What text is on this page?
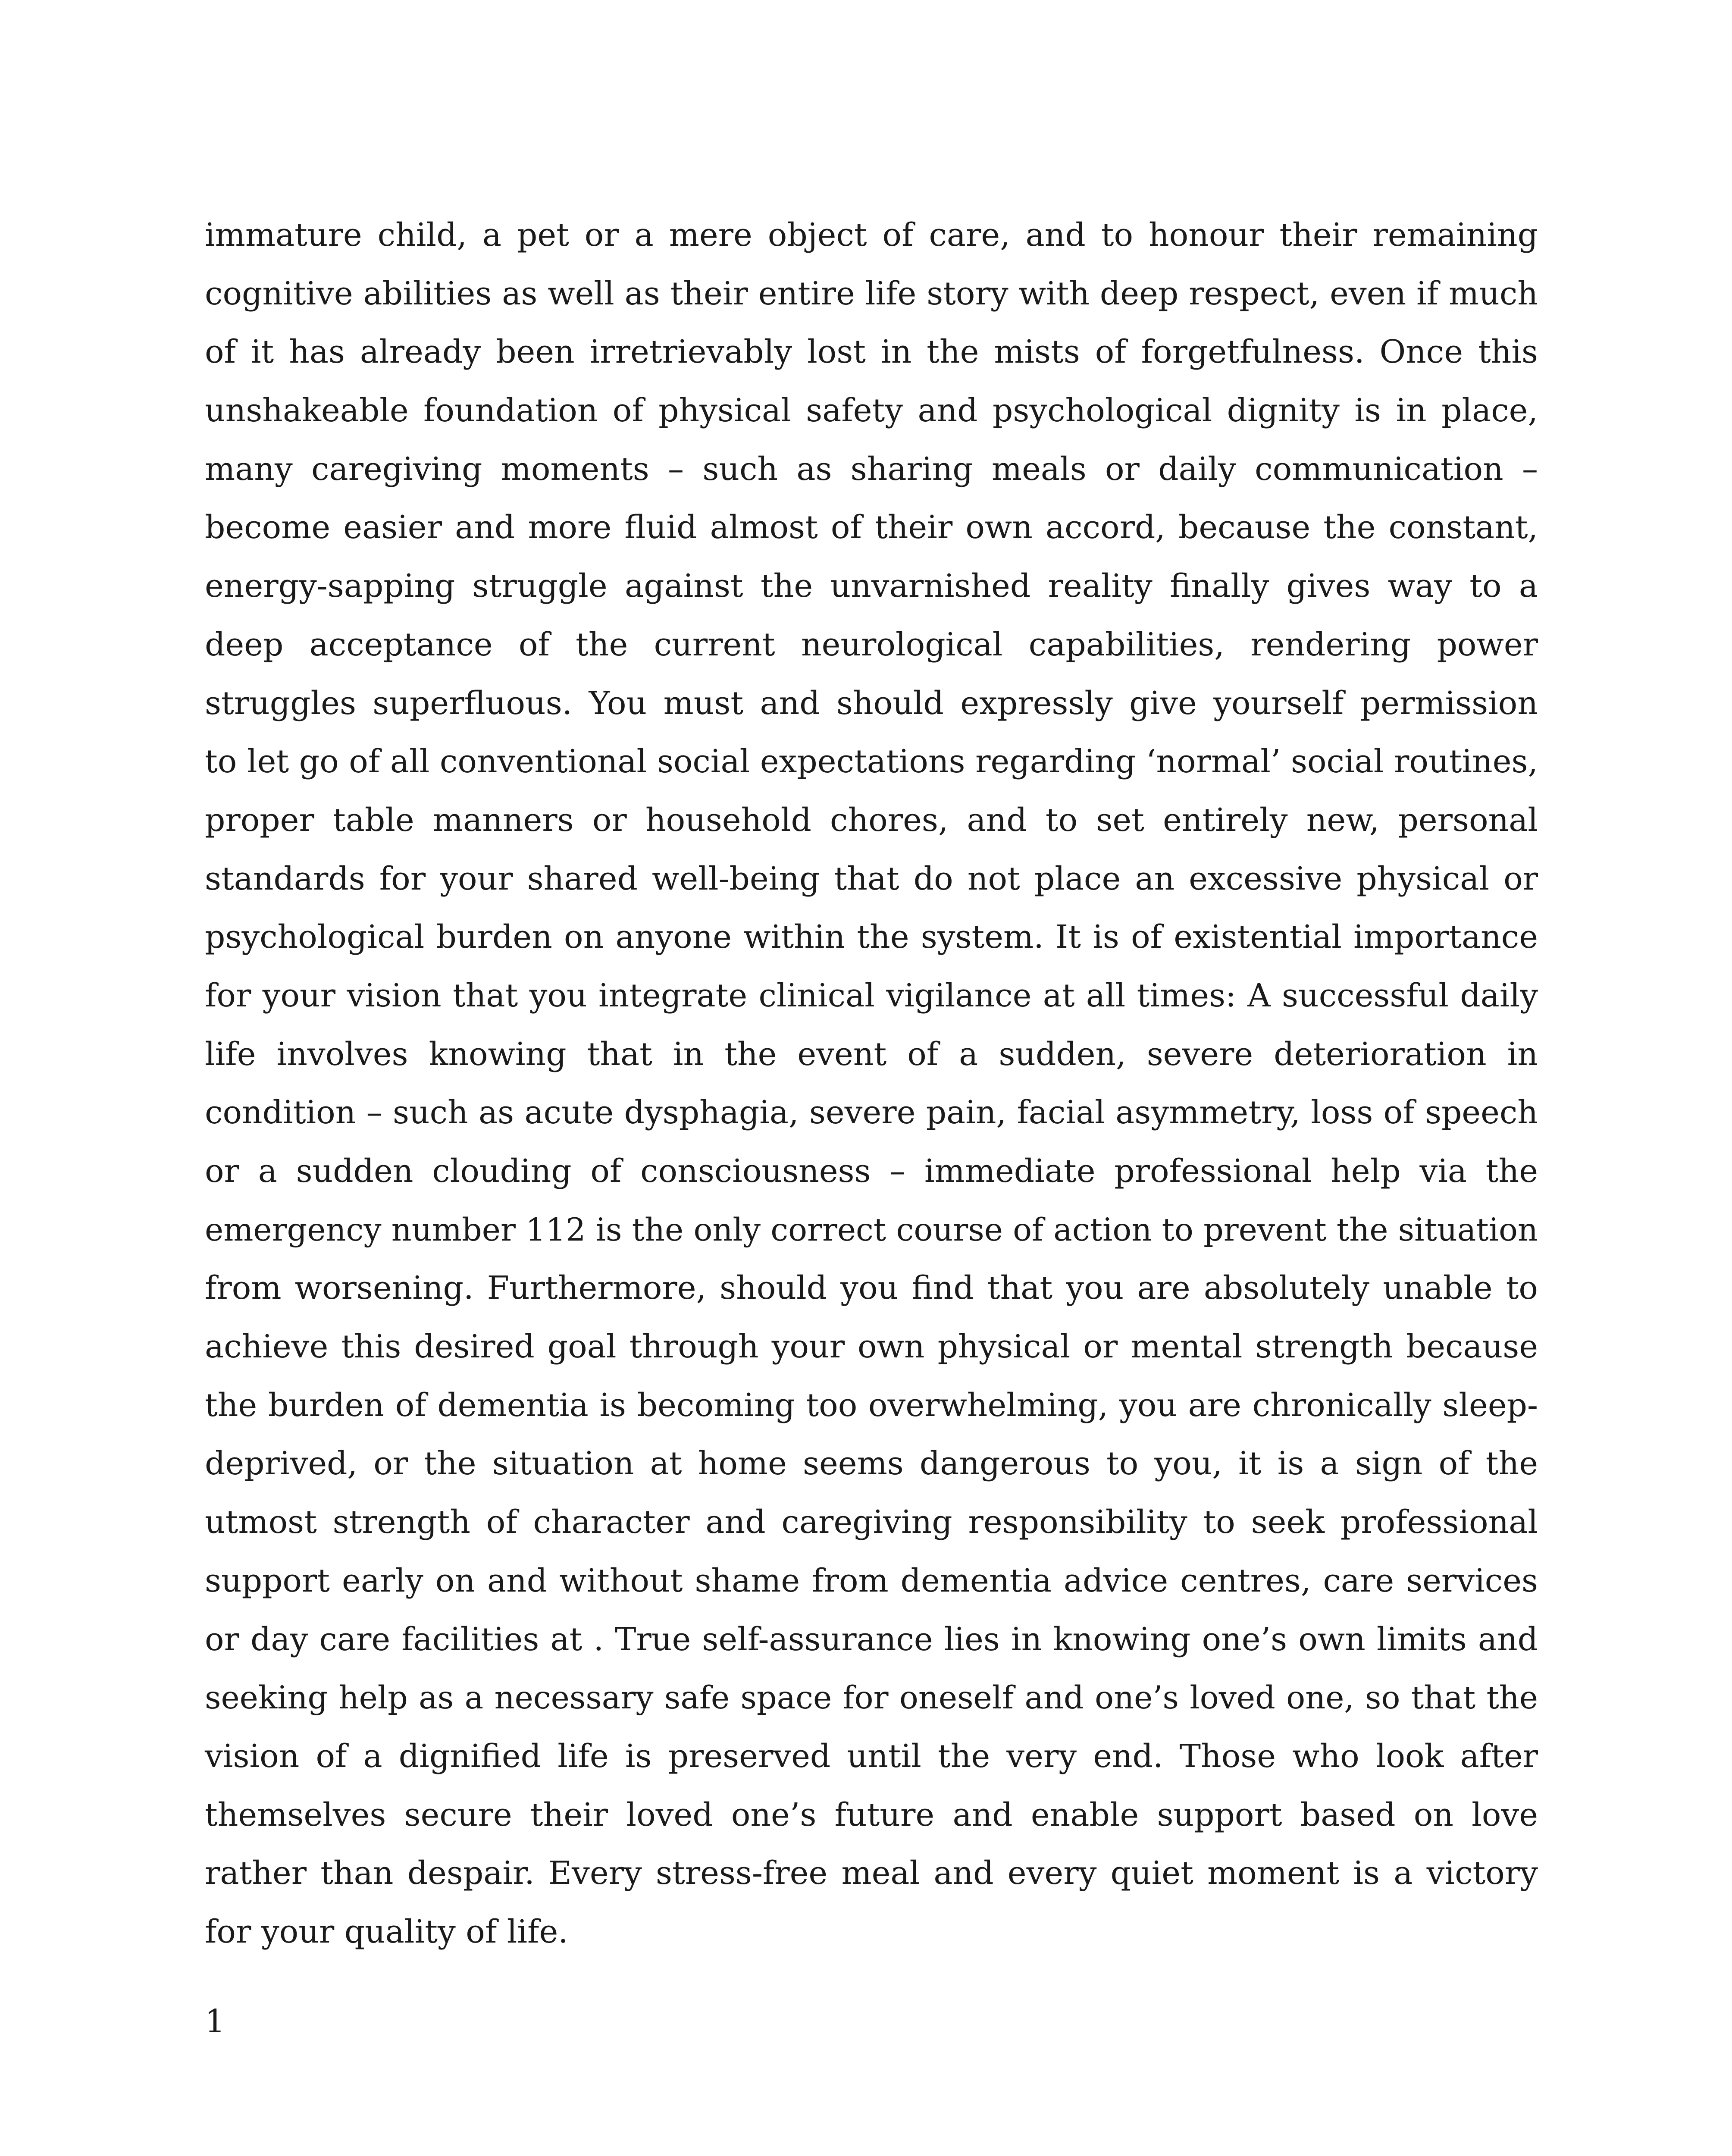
immature child, a pet or a mere object of care, and to honour their remaining
cognitive abilities as well as their entire life story with deep respect, even if much
of it has already been irretrievably lost in the mists of forgetfulness. Once this
unshakeable foundation of physical safety and psychological dignity is in place,
many caregiving moments – such as sharing meals or daily communication –
become easier and more fluid almost of their own accord, because the constant,
energy-sapping struggle against the unvarnished reality finally gives way to a
deep acceptance of the current neurological capabilities, rendering power
struggles superfluous. You must and should expressly give yourself permission
to let go of all conventional social expectations regarding ‘normal’ social routines,
proper table manners or household chores, and to set entirely new, personal
standards for your shared well-being that do not place an excessive physical or
psychological burden on anyone within the system. It is of existential importance
for your vision that you integrate clinical vigilance at all times: A successful daily
life involves knowing that in the event of a sudden, severe deterioration in
condition – such as acute dysphagia, severe pain, facial asymmetry, loss of speech
or a sudden clouding of consciousness – immediate professional help via the
emergency number 112 is the only correct course of action to prevent the situation
from worsening. Furthermore, should you find that you are absolutely unable to
achieve this desired goal through your own physical or mental strength because
the burden of dementia is becoming too overwhelming, you are chronically sleep-
deprived, or the situation at home seems dangerous to you, it is a sign of the
utmost strength of character and caregiving responsibility to seek professional
support early on and without shame from dementia advice centres, care services
or day care facilities at . True self-assurance lies in knowing one’s own limits and
seeking help as a necessary safe space for oneself and one’s loved one, so that the
vision of a dignified life is preserved until the very end. Those who look after
themselves secure their loved one’s future and enable support based on love
rather than despair. Every stress-free meal and every quiet moment is a victory
for your quality of life.
1
